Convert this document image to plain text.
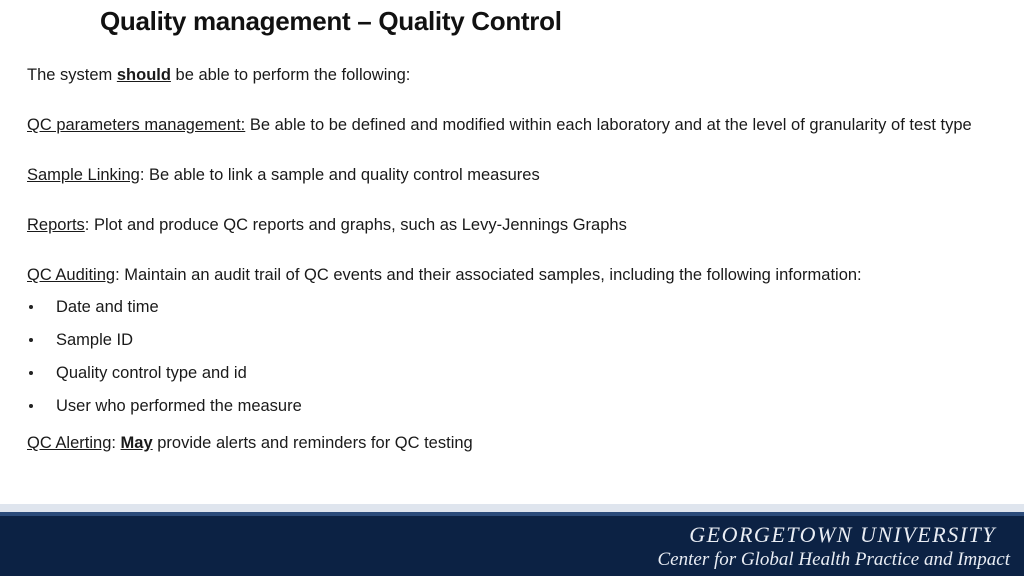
Quality management – Quality Control

The system should be able to perform the following:

QC parameters management: Be able to be defined and modified within each laboratory and at the level of granularity of test type

Sample Linking: Be able to link a sample and quality control measures

Reports: Plot and produce QC reports and graphs, such as Levy-Jennings Graphs

QC Auditing: Maintain an audit trail of QC events and their associated samples, including the following information:

Date and time
Sample ID
Quality control type and id
User who performed the measure

QC Alerting: May provide alerts and reminders for QC testing

GEORGETOWN UNIVERSITY
Center for Global Health Practice and Impact
